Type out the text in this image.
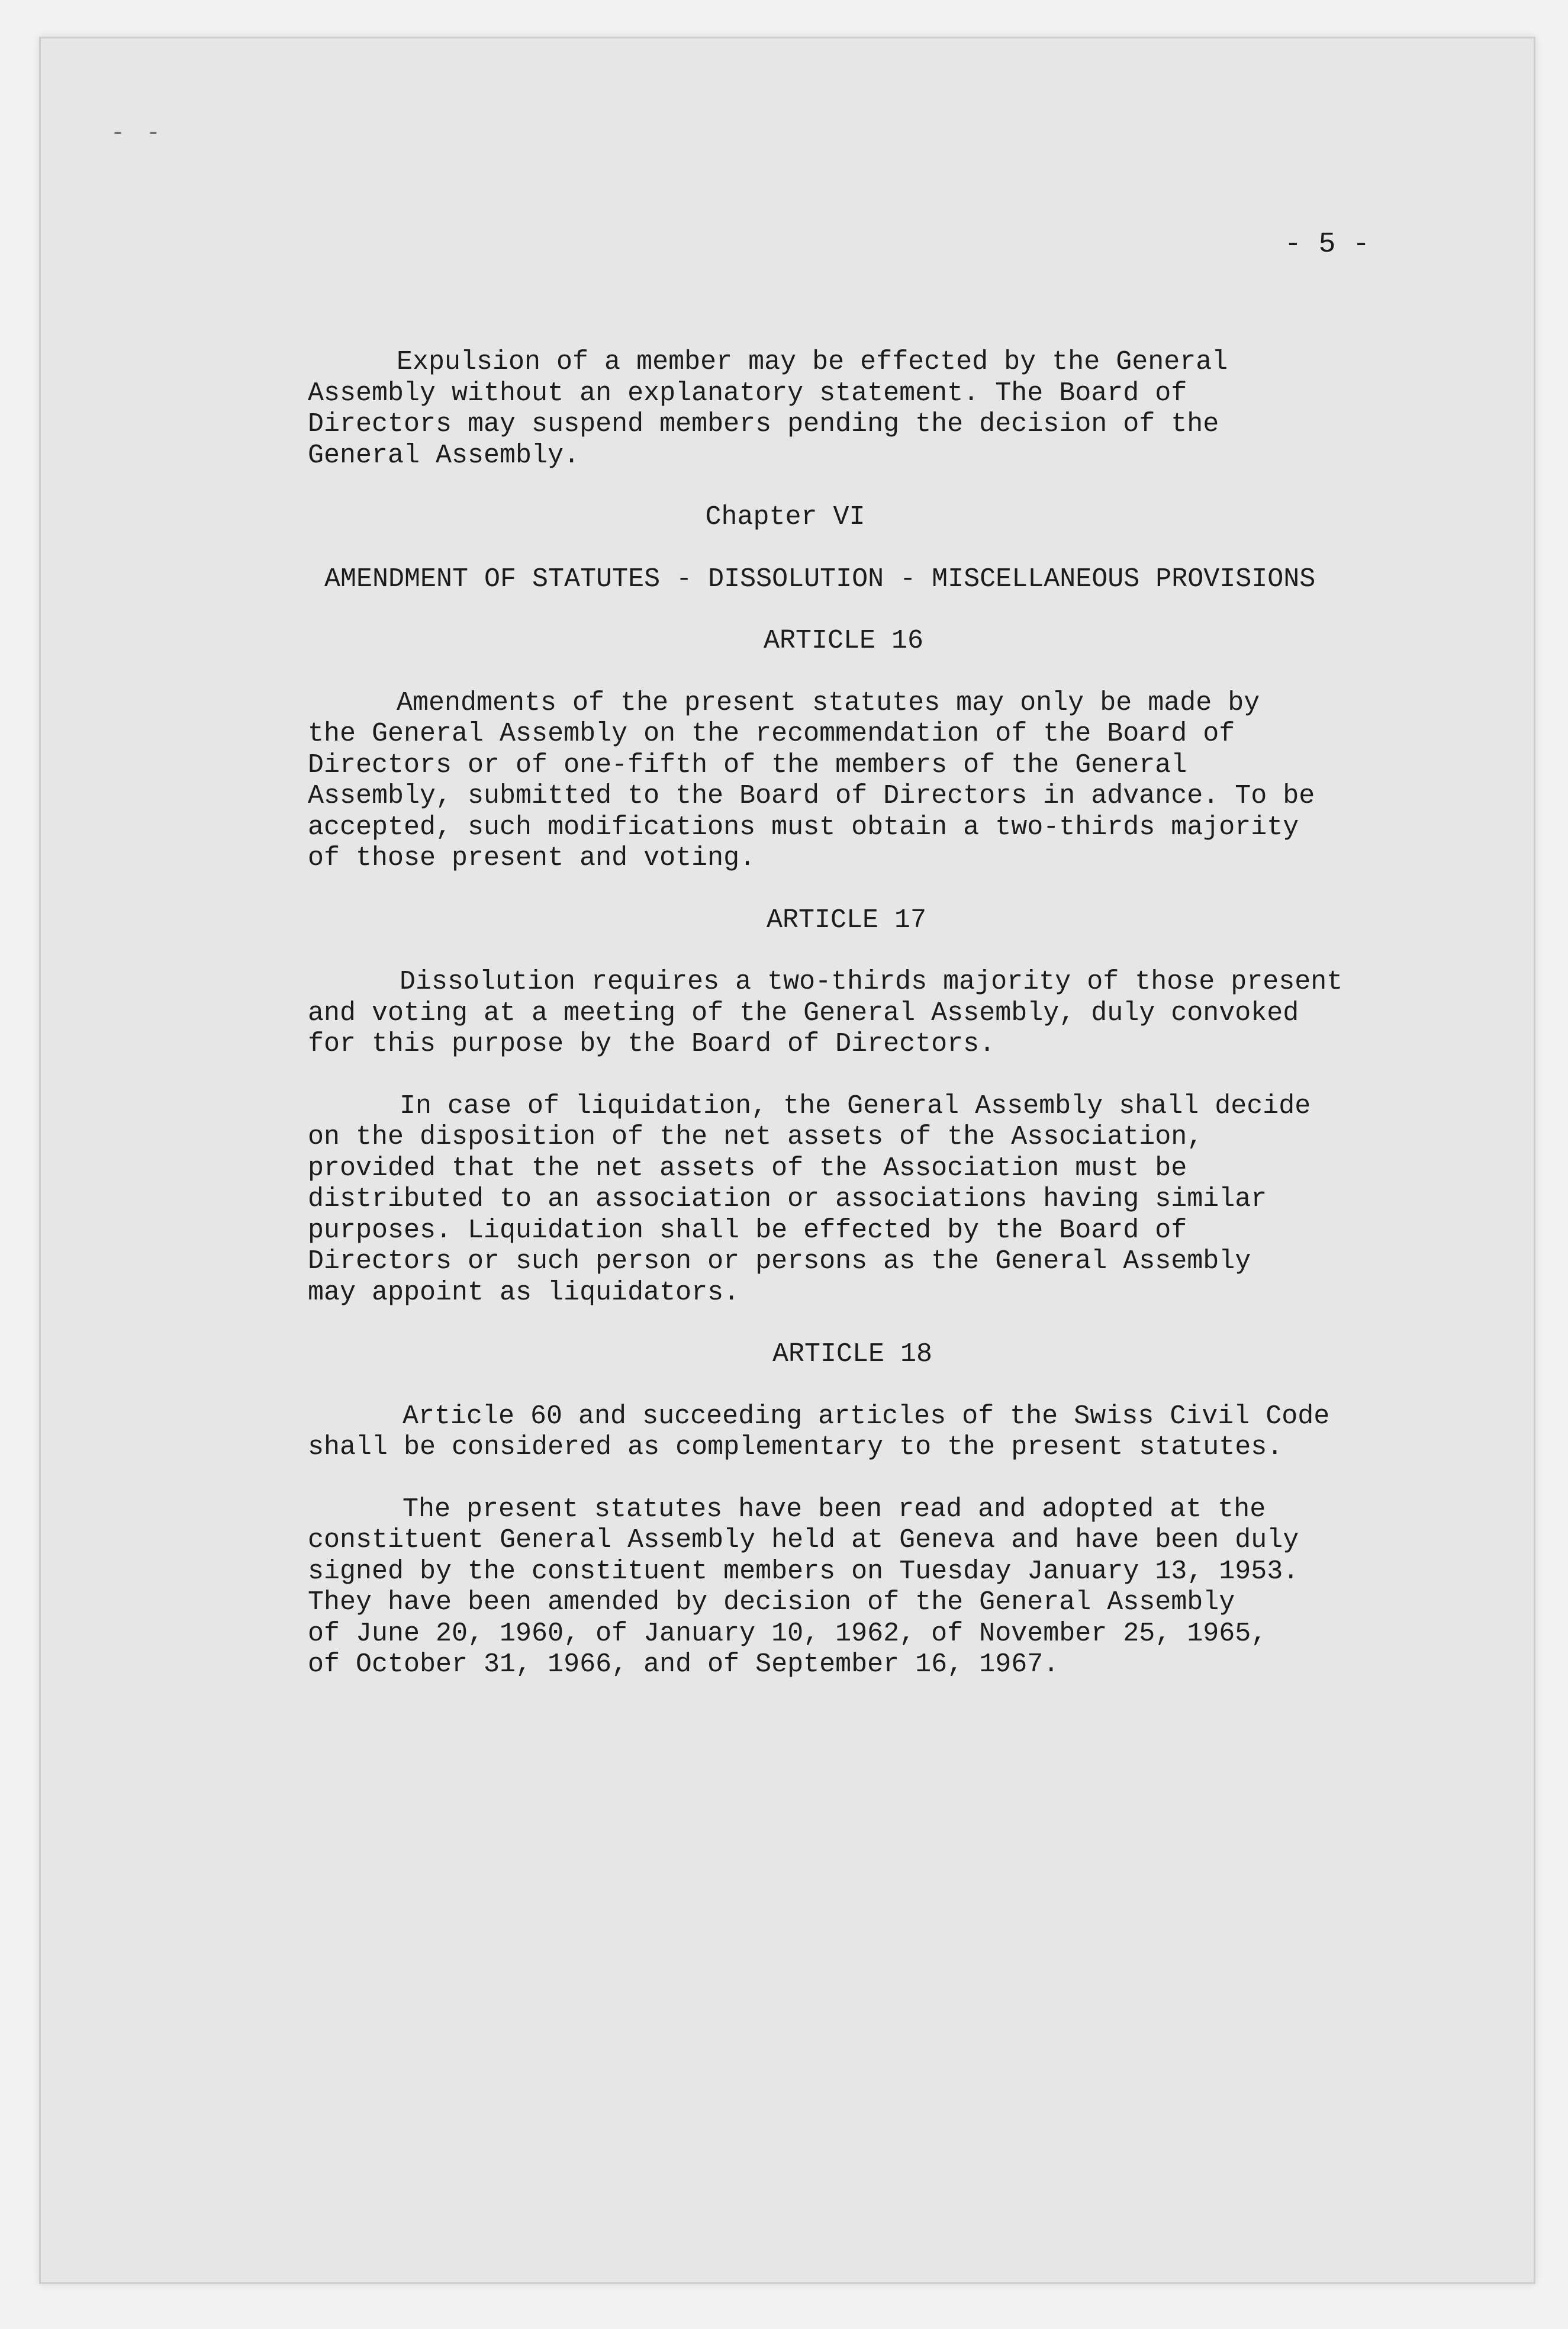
- -
- 5 -
Expulsion of a member may be effected by the General
Assembly without an explanatory statement. The Board of
Directors may suspend members pending the decision of the
General Assembly.
Chapter VI
AMENDMENT OF STATUTES - DISSOLUTION - MISCELLANEOUS PROVISIONS
ARTICLE 16
Amendments of the present statutes may only be made by
the General Assembly on the recommendation of the Board of
Directors or of one-fifth of the members of the General
Assembly, submitted to the Board of Directors in advance. To be
accepted, such modifications must obtain a two-thirds majority
of those present and voting.
ARTICLE 17
Dissolution requires a two-thirds majority of those present
and voting at a meeting of the General Assembly, duly convoked
for this purpose by the Board of Directors.
In case of liquidation, the General Assembly shall decide
on the disposition of the net assets of the Association,
provided that the net assets of the Association must be
distributed to an association or associations having similar
purposes. Liquidation shall be effected by the Board of
Directors or such person or persons as the General Assembly
may appoint as liquidators.
ARTICLE 18
Article 60 and succeeding articles of the Swiss Civil Code
shall be considered as complementary to the present statutes.
The present statutes have been read and adopted at the
constituent General Assembly held at Geneva and have been duly
signed by the constituent members on Tuesday January 13, 1953.
They have been amended by decision of the General Assembly
of June 20, 1960, of January 10, 1962, of November 25, 1965,
of October 31, 1966, and of September 16, 1967.
